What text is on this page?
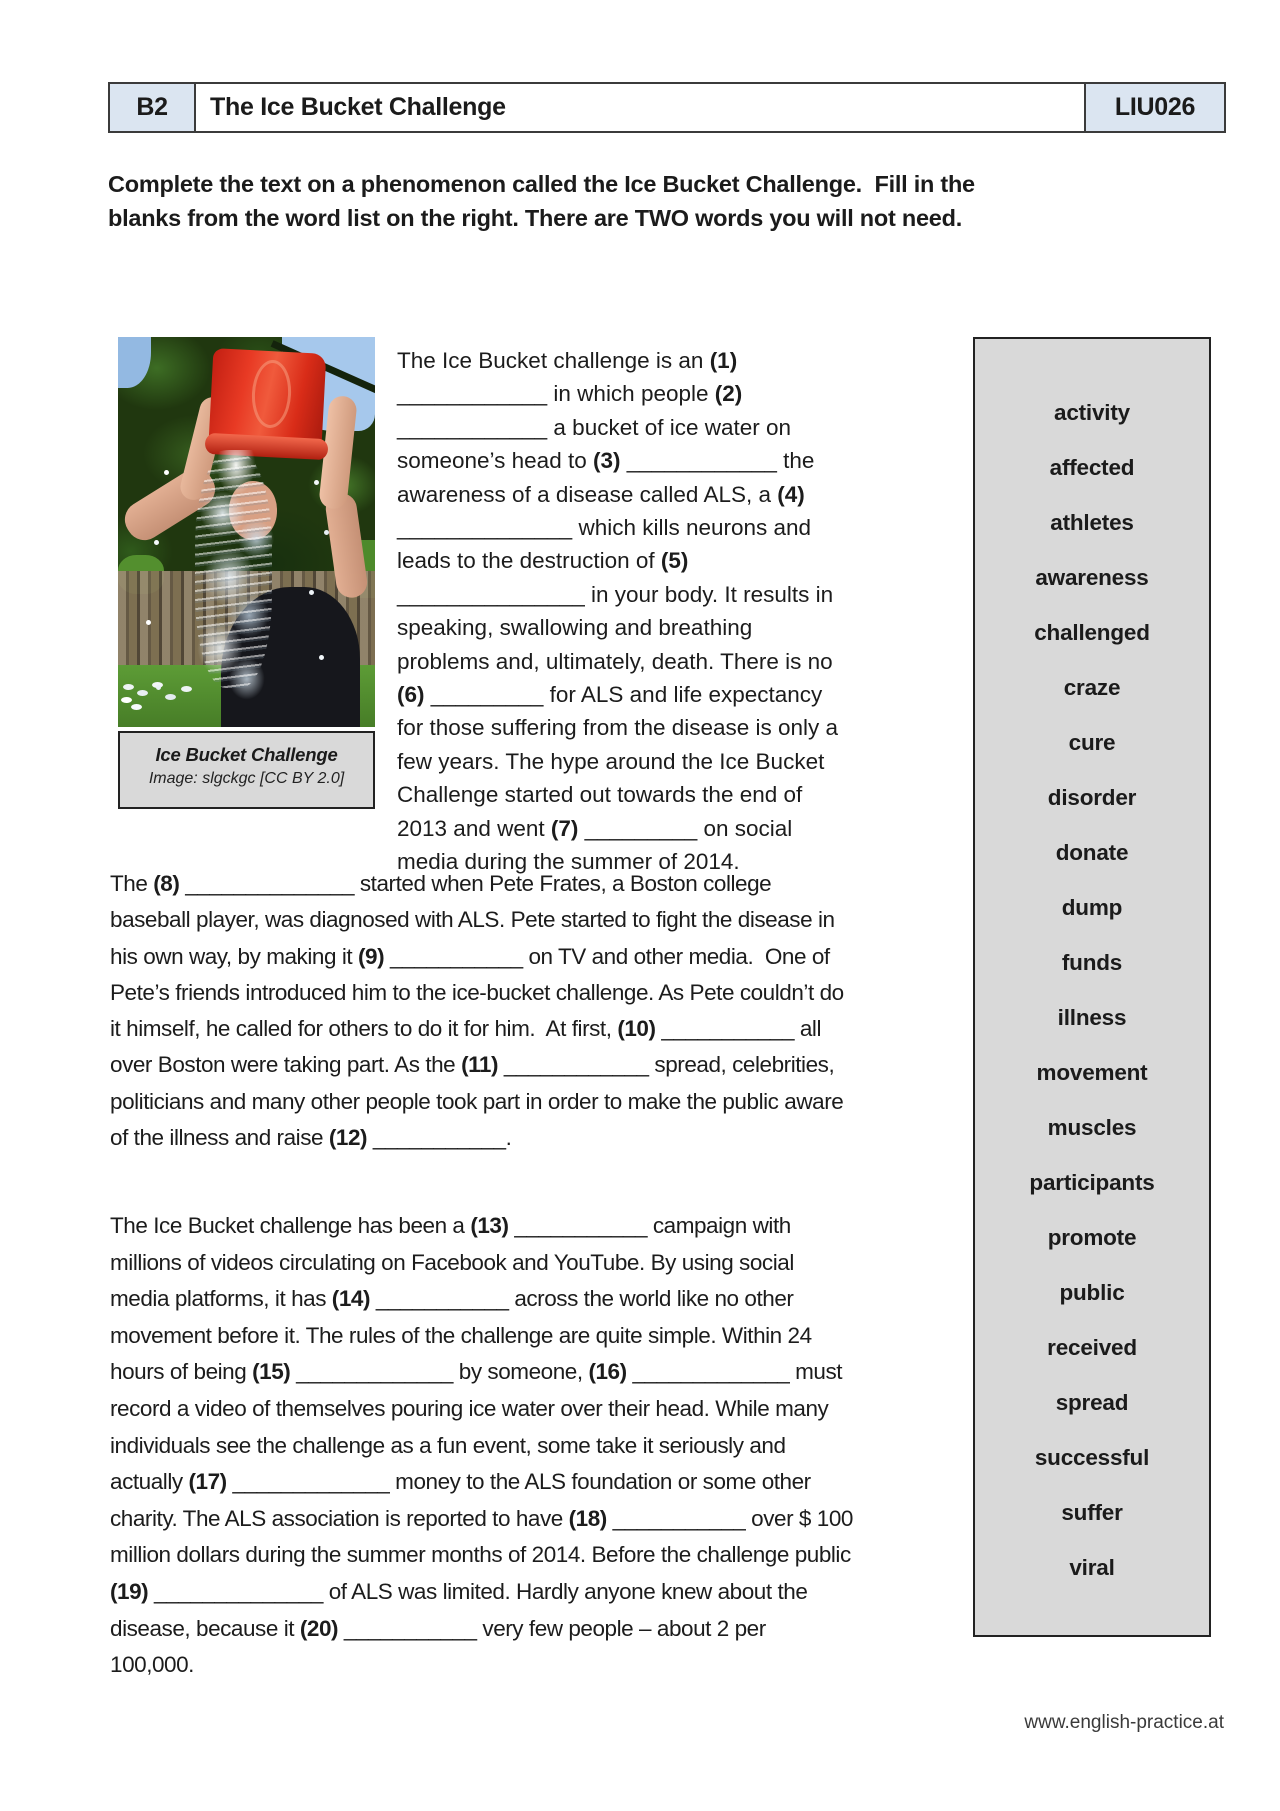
B2	The Ice Bucket Challenge	LIU026
Complete the text on a phenomenon called the Ice Bucket Challenge.  Fill in the blanks from the word list on the right. There are TWO words you will not need.
Ice Bucket Challenge
Image: slgckgc [CC BY 2.0]

The Ice Bucket challenge is an (1) ____________ in which people (2) ____________ a bucket of ice water on someone’s head to (3) ____________ the awareness of a disease called ALS, a (4) ______________ which kills neurons and leads to the destruction of (5) _______________ in your body. It results in speaking, swallowing and breathing problems and, ultimately, death. There is no (6) _________ for ALS and life expectancy for those suffering from the disease is only a few years. The hype around the Ice Bucket Challenge started out towards the end of 2013 and went (7) _________ on social media during the summer of 2014.

The (8) ______________ started when Pete Frates, a Boston college baseball player, was diagnosed with ALS. Pete started to fight the disease in his own way, by making it (9) ___________ on TV and other media.  One of Pete’s friends introduced him to the ice-bucket challenge. As Pete couldn’t do it himself, he called for others to do it for him.  At first, (10) ___________ all over Boston were taking part. As the (11) ____________ spread, celebrities, politicians and many other people took part in order to make the public aware of the illness and raise (12) ___________.

The Ice Bucket challenge has been a (13) ___________ campaign with millions of videos circulating on Facebook and YouTube. By using social media platforms, it has (14) ___________ across the world like no other movement before it. The rules of the challenge are quite simple. Within 24 hours of being (15) _____________ by someone, (16) _____________ must record a video of themselves pouring ice water over their head. While many individuals see the challenge as a fun event, some take it seriously and actually (17) _____________ money to the ALS foundation or some other charity. The ALS association is reported to have (18) ___________ over $ 100 million dollars during the summer months of 2014. Before the challenge public (19) ______________ of ALS was limited. Hardly anyone knew about the disease, because it (20) ___________ very few people – about 2 per 100,000.

activity
affected
athletes
awareness
challenged
craze
cure
disorder
donate
dump
funds
illness
movement
muscles
participants
promote
public
received
spread
successful
suffer
viral
www.english-practice.at
